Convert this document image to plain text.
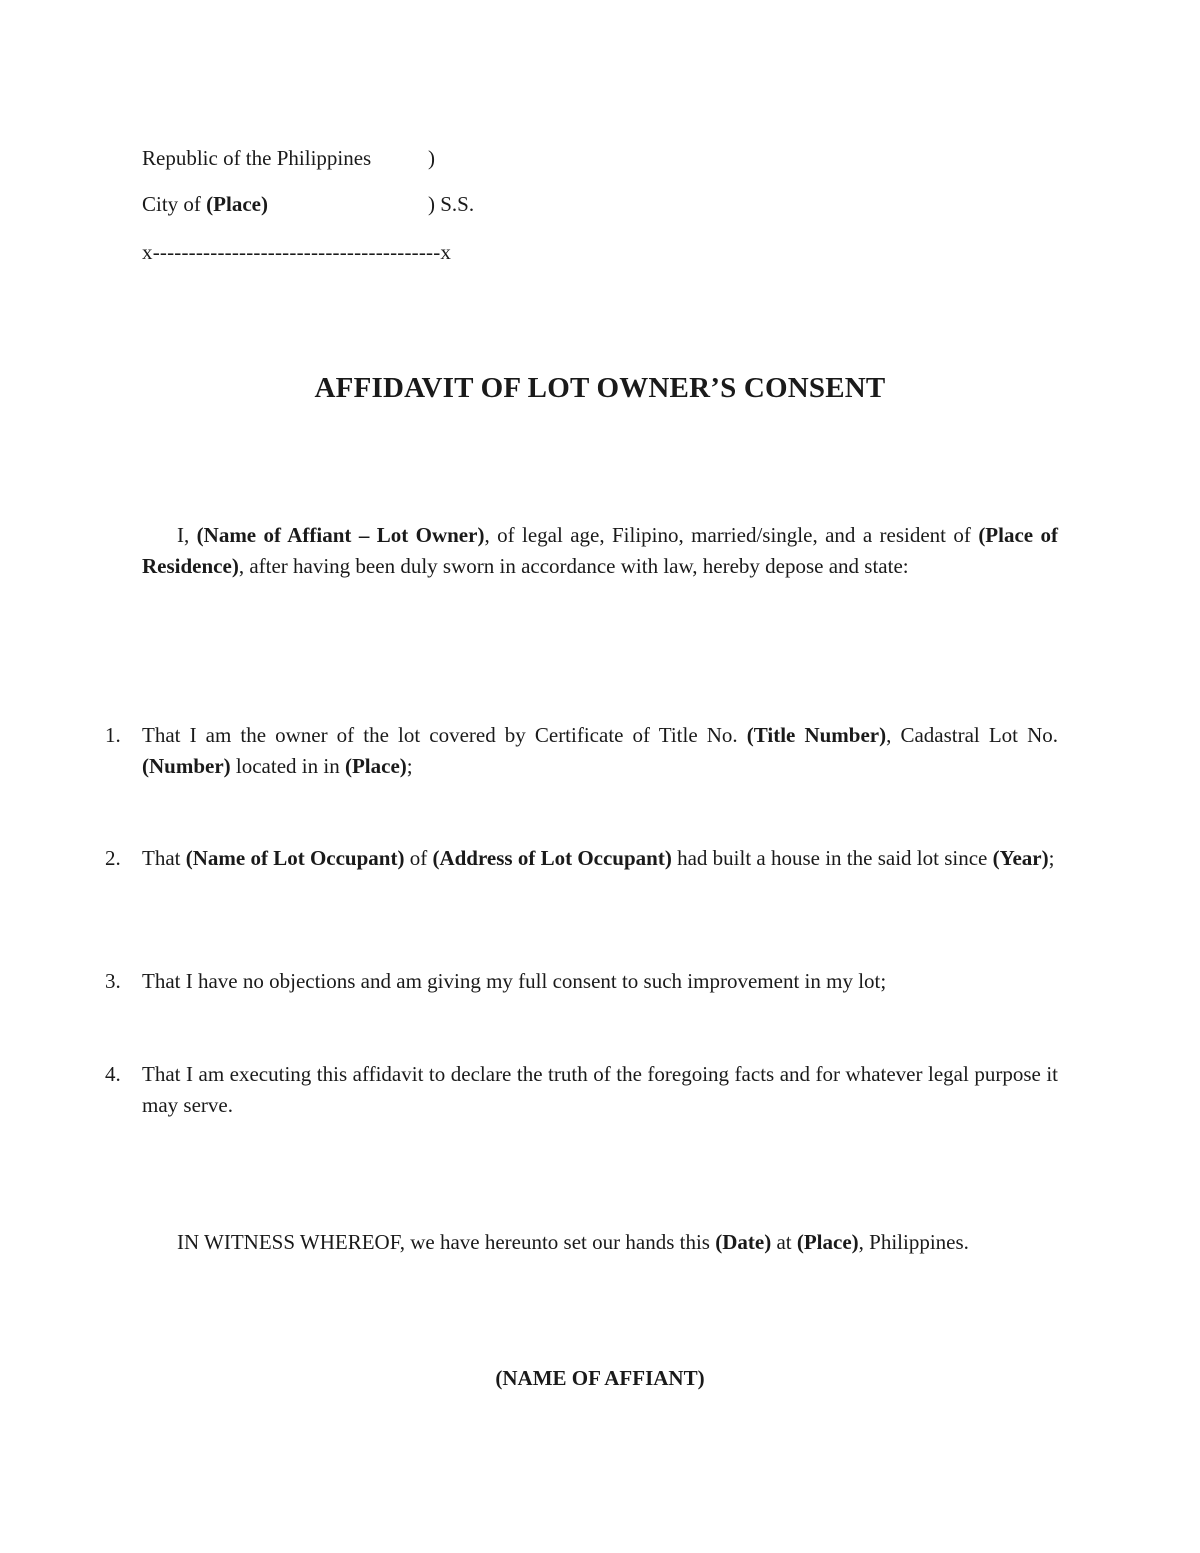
Republic of the Philippines	)
City of (Place)	) S.S.
x----------------------------------------x
AFFIDAVIT OF LOT OWNER’S CONSENT
I, (Name of Affiant – Lot Owner), of legal age, Filipino, married/single, and a resident of (Place of Residence), after having been duly sworn in accordance with law, hereby depose and state:
1. That I am the owner of the lot covered by Certificate of Title No. (Title Number), Cadastral Lot No. (Number) located in in (Place);
2. That (Name of Lot Occupant) of (Address of Lot Occupant) had built a house in the said lot since (Year);
3. That I have no objections and am giving my full consent to such improvement in my lot;
4. That I am executing this affidavit to declare the truth of the foregoing facts and for whatever legal purpose it may serve.
IN WITNESS WHEREOF, we have hereunto set our hands this (Date) at (Place), Philippines.
(NAME OF AFFIANT)
